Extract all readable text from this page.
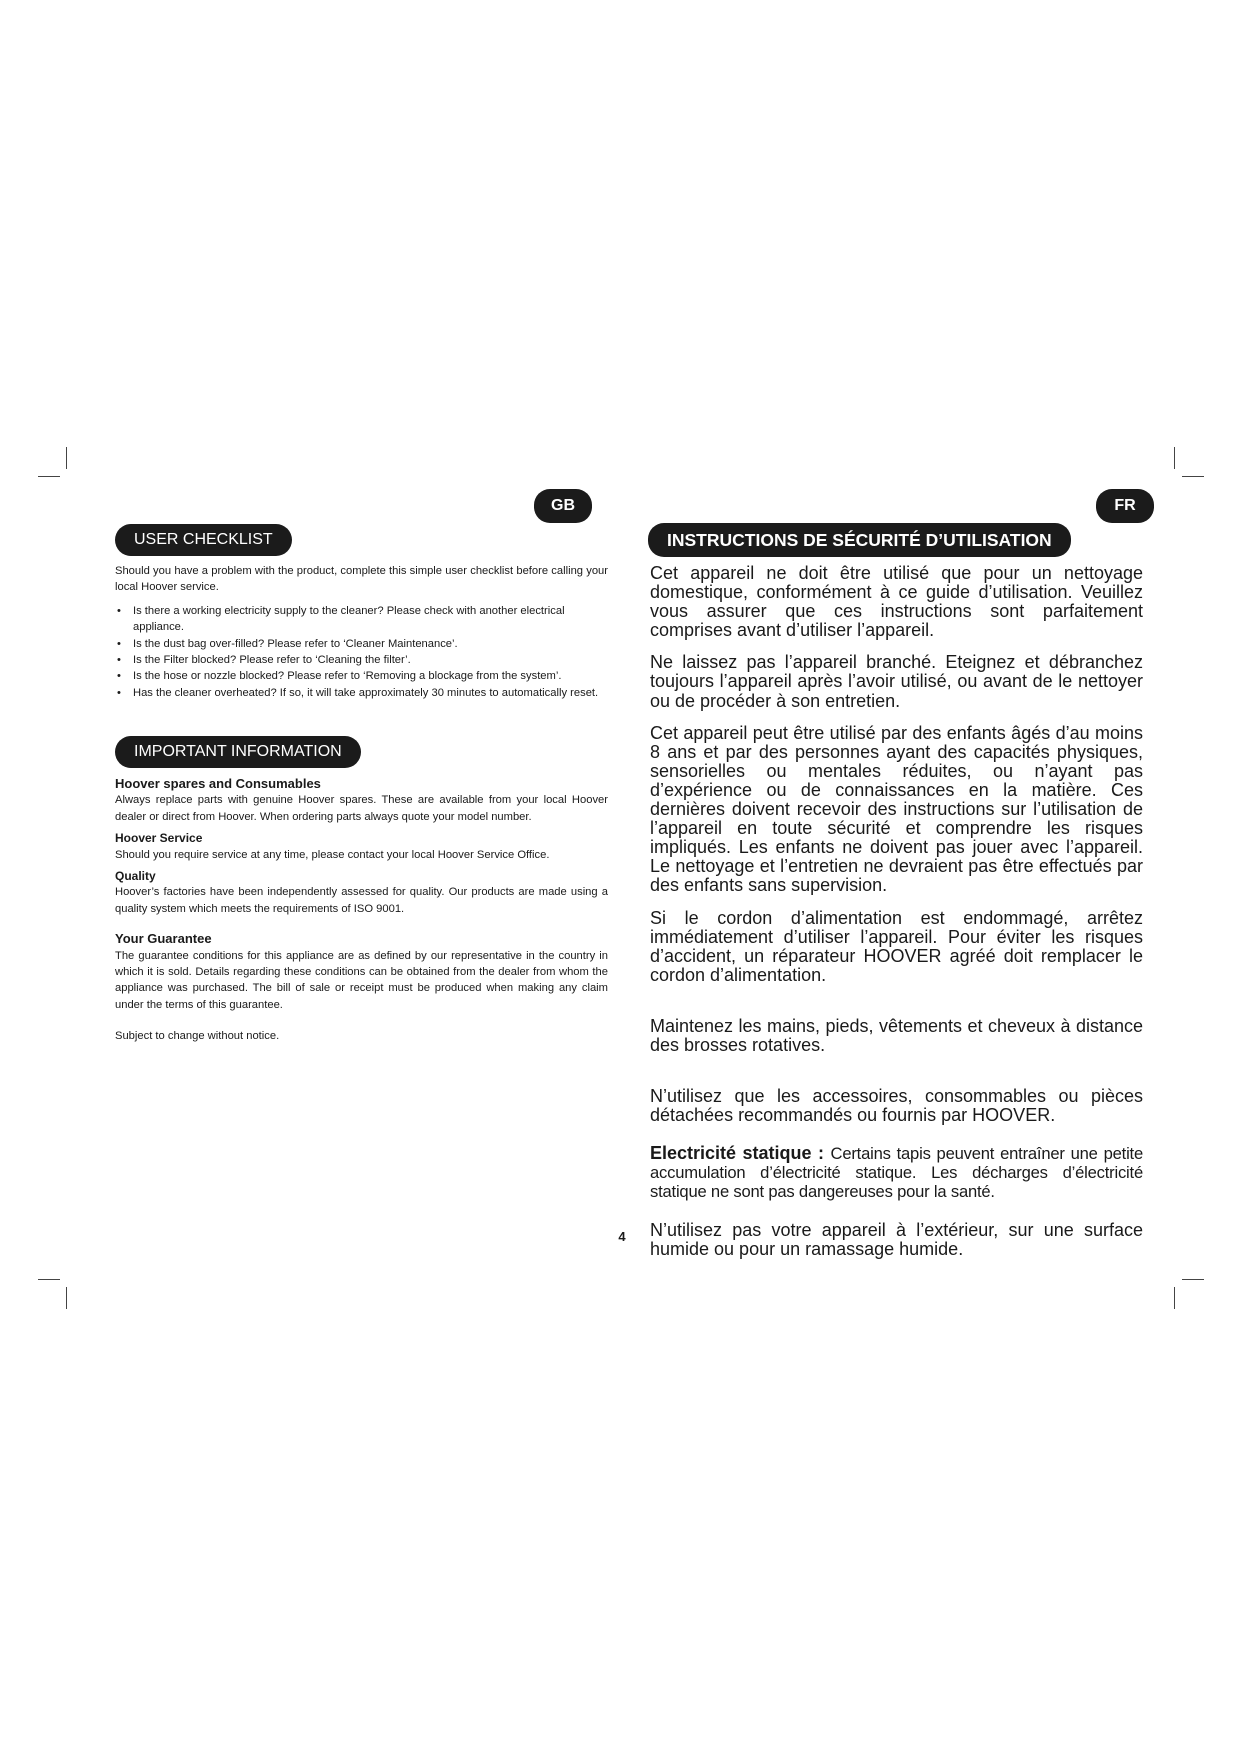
GB	FR
USER CHECKLIST
IMPORTANT INFORMATION

Should you have a problem with the product, complete this simple user checklist before calling your local Hoover service.

• Is there a working electricity supply to the cleaner? Please check with another electrical appliance.
• Is the dust bag over-filled? Please refer to ‘Cleaner Maintenance’.
• Is the Filter blocked? Please refer to ‘Cleaning the filter’.
• Is the hose or nozzle blocked? Please refer to ‘Removing a blockage from the system’.
• Has the cleaner overheated? If so, it will take approximately 30 minutes to automatically reset.
Hoover spares and Consumables

Always replace parts with genuine Hoover spares. These are available from your local Hoover dealer or direct from Hoover. When ordering parts always quote your model number.

Hoover Service

Should you require service at any time, please contact your local Hoover Service Office.

Quality

Hoover’s factories have been independently assessed for quality. Our products are made using a quality system which meets the requirements of ISO 9001.

Your Guarantee

The guarantee conditions for this appliance are as defined by our representative in the country in which it is sold. Details regarding these conditions can be obtained from the dealer from whom the appliance was purchased. The bill of sale or receipt must be produced when making any claim under the terms of this guarantee.

Subject to change without notice.

INSTRUCTIONS DE SÉCURITÉ D’UTILISATION

Cet appareil ne doit être utilisé que pour un nettoyage domestique, conformément à ce guide d’utilisation. Veuillez vous assurer que ces instructions sont parfaitement comprises avant d’utiliser l’appareil.

Ne laissez pas l’appareil branché. Eteignez et débranchez toujours l’appareil après l’avoir utilisé, ou avant de le nettoyer ou de procéder à son entretien.

Cet appareil peut être utilisé par des enfants âgés d’au moins 8 ans et par des personnes ayant des capacités physiques, sensorielles ou mentales réduites, ou n’ayant pas d’expérience ou de connaissances en la matière. Ces dernières doivent recevoir des instructions sur l’utilisation de l’appareil en toute sécurité et comprendre les risques impliqués. Les enfants ne doivent pas jouer avec l’appareil. Le nettoyage et l’entretien ne devraient pas être effectués par des enfants sans supervision.

Si le cordon d’alimentation est endommagé, arrêtez immédiatement d’utiliser l’appareil. Pour éviter les risques d’accident, un réparateur HOOVER agréé doit remplacer le cordon d’alimentation.

Maintenez les mains, pieds, vêtements et cheveux à distance des brosses rotatives.

N’utilisez que les accessoires, consommables ou pièces détachées recommandés ou fournis par HOOVER.

Electricité statique : Certains tapis peuvent entraîner une petite accumulation d’électricité statique. Les décharges d’électricité statique ne sont pas dangereuses pour la santé.

N’utilisez pas votre appareil à l’extérieur, sur une surface humide ou pour un ramassage humide.

4
